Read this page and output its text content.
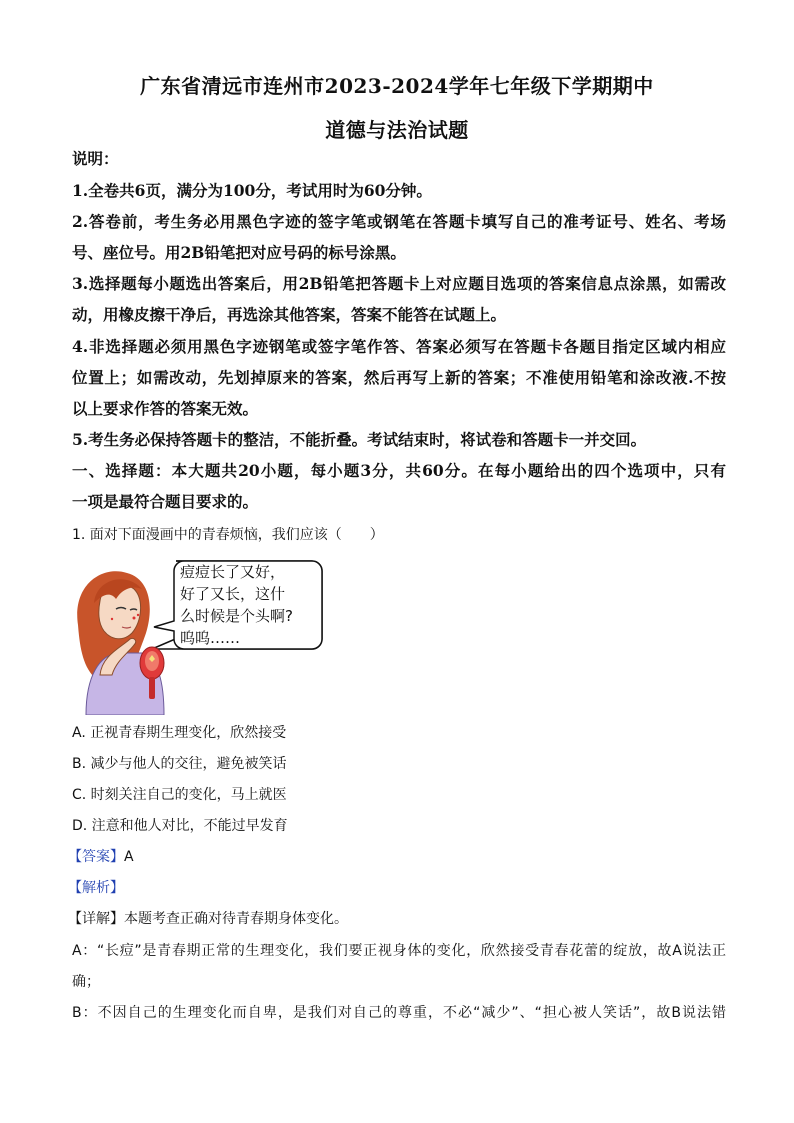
广东省清远市连州市2023-2024学年七年级下学期期中
道德与法治试题
说明：
1.全卷共6页，满分为100分，考试用时为60分钟。
2.答卷前，考生务必用黑色字迹的签字笔或钢笔在答题卡填写自己的准考证号、姓名、考场
号、座位号。用2B铅笔把对应号码的标号涂黑。
3.选择题每小题选出答案后，用2B铅笔把答题卡上对应题目选项的答案信息点涂黑，如需改
动，用橡皮擦干净后，再选涂其他答案，答案不能答在试题上。
4.非选择题必须用黑色字迹钢笔或签字笔作答、答案必须写在答题卡各题目指定区域内相应
位置上；如需改动，先划掉原来的答案，然后再写上新的答案；不准使用铅笔和涂改液.不按
以上要求作答的答案无效。
5.考生务必保持答题卡的整洁，不能折叠。考试结束时，将试卷和答题卡一并交回。
一、选择题：本大题共20小题，每小题3分，共60分。在每小题给出的四个选项中，只有
一项是最符合题目要求的。
1. 面对下面漫画中的青春烦恼，我们应该（　　）
痘痘长了又好，
好了又长，这什
么时候是个头啊?
呜呜……
A. 正视青春期生理变化，欣然接受
B. 减少与他人的交往，避免被笑话
C. 时刻关注自己的变化，马上就医
D. 注意和他人对比，不能过早发育
【答案】A
【解析】
【详解】本题考查正确对待青春期身体变化。
A：“长痘”是青春期正常的生理变化，我们要正视身体的变化，欣然接受青春花蕾的绽放，故A说法正
确；
B：不因自己的生理变化而自卑，是我们对自己的尊重，不必“减少”、“担心被人笑话”，故B说法错
